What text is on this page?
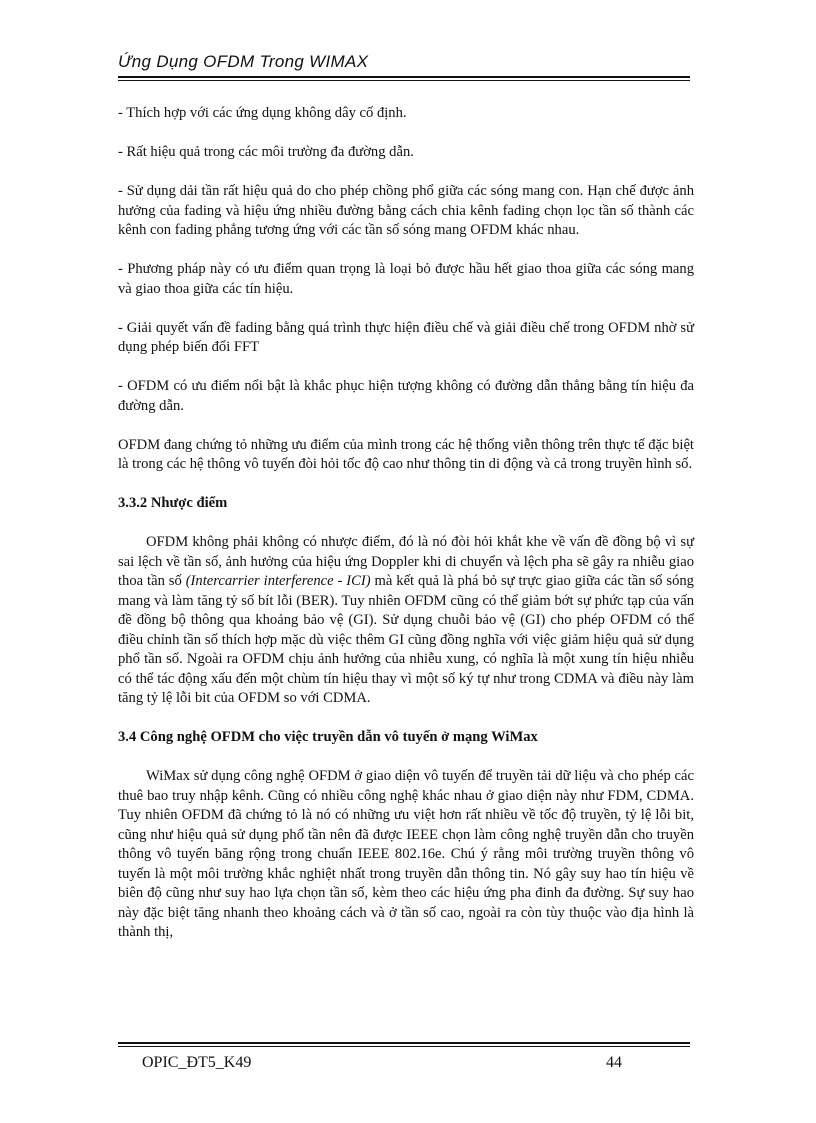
Ứng Dụng OFDM Trong WIMAX

- Thích hợp với các ứng dụng không dây cố định.

- Rất hiệu quả trong các môi trường đa đường dẫn.

- Sử dụng dải tần rất hiệu quả do cho phép chồng phổ giữa các sóng mang con. Hạn chế được ảnh hưởng của fading và hiệu ứng nhiều đường bằng cách chia kênh fading chọn lọc tần số thành các kênh con fading phẳng tương ứng với các tần số sóng mang OFDM khác nhau.

- Phương pháp này có ưu điểm quan trọng là loại bỏ được hầu hết giao thoa giữa các sóng mang và giao thoa giữa các tín hiệu.

- Giải quyết vấn đề fading bằng quá trình thực hiện điều chế và giải điều chế trong OFDM nhờ sử dụng phép biến đổi FFT

- OFDM có ưu điểm nổi bật là khắc phục hiện tượng không có đường dẫn thẳng bằng tín hiệu đa đường dẫn.

OFDM đang chứng tỏ những ưu điểm của mình trong các hệ thống viễn thông trên thực tế đặc biệt là trong các hệ thông vô tuyến đòi hỏi tốc độ cao như thông tin di động và cả trong truyền hình số.

3.3.2 Nhược điểm

OFDM không phải không có nhược điểm, đó là nó đòi hỏi khắt khe về vấn đề đồng bộ vì sự sai lệch về tần số, ảnh hưởng của hiệu ứng Doppler khi di chuyển và lệch pha sẽ gây ra nhiễu giao thoa tần số (Intercarrier interference - ICI) mà kết quả là phá bỏ sự trực giao giữa các tần số sóng mang và làm tăng tỷ số bít lỗi (BER). Tuy nhiên OFDM cũng có thể giảm bớt sự phức tạp của vấn đề đồng bộ thông qua khoảng bảo vệ (GI). Sử dụng chuỗi bảo vệ (GI) cho phép OFDM có thể điều chỉnh tần số thích hợp mặc dù việc thêm GI cũng đồng nghĩa với việc giảm hiệu quả sử dụng phổ tần số. Ngoài ra OFDM chịu ảnh hưởng của nhiễu xung, có nghĩa là một xung tín hiệu nhiễu có thể tác động xấu đến một chùm tín hiệu thay vì một số ký tự như trong CDMA và điều này làm tăng tỷ lệ lỗi bit của OFDM so với CDMA.

3.4 Công nghệ OFDM cho việc truyền dẫn vô tuyến ở mạng WiMax

WiMax sử dụng công nghệ OFDM ở giao diện vô tuyến để truyền tải dữ liệu và cho phép các thuê bao truy nhập kênh. Cũng có nhiều công nghệ khác nhau ở giao diện này như FDM, CDMA. Tuy nhiên OFDM đã chứng tỏ là nó có những ưu việt hơn rất nhiều về tốc độ truyền, tỷ lệ lỗi bit, cũng như hiệu quả sử dụng phổ tần nên đã được IEEE chọn làm công nghệ truyền dẫn cho truyền thông vô tuyến băng rộng trong chuẩn IEEE 802.16e. Chú ý rằng môi trường truyền thông vô tuyến là một môi trường khắc nghiệt nhất trong truyền dẫn thông tin. Nó gây suy hao tín hiệu về biên độ cũng như suy hao lựa chọn tần số, kèm theo các hiệu ứng pha đinh đa đường. Sự suy hao này đặc biệt tăng nhanh theo khoảng cách và ở tần số cao, ngoài ra còn tùy thuộc vào địa hình là thành thị,

OPIC_ĐT5_K49	44
